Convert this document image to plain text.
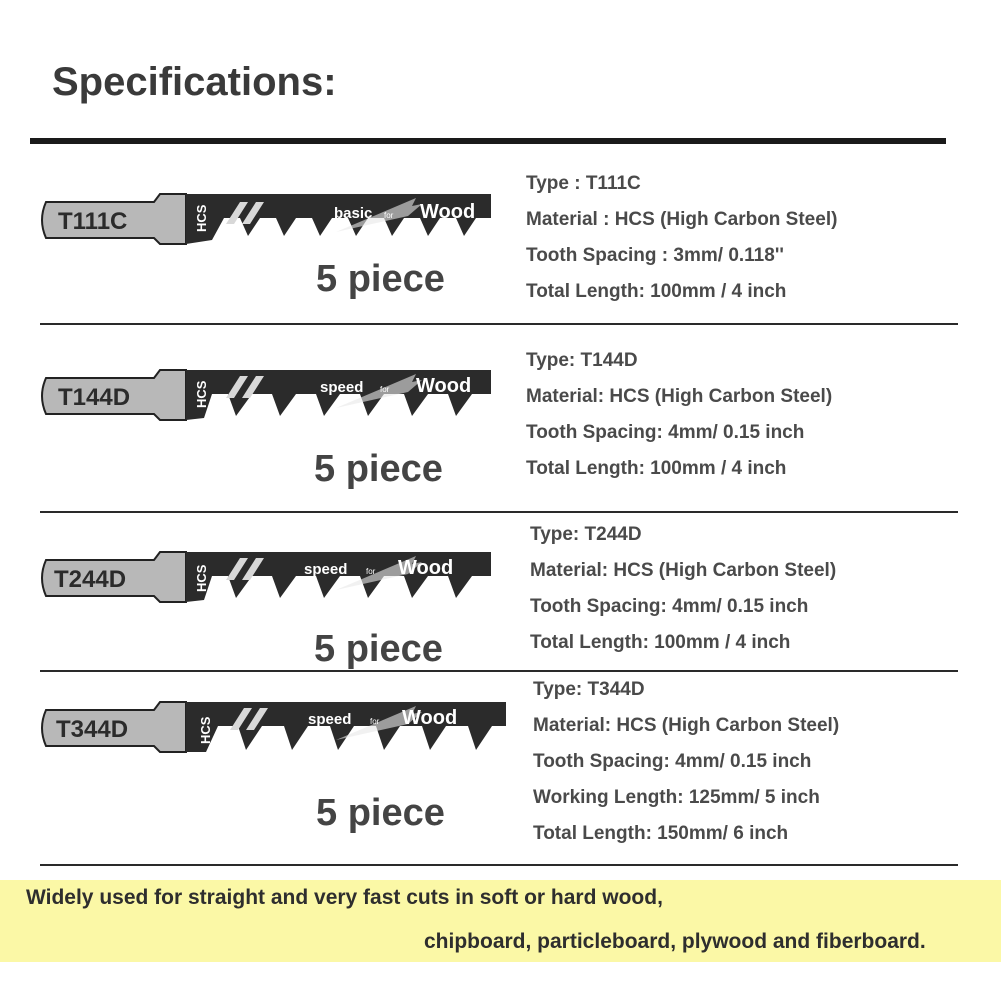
Specifications:
T111C	HCS	basic for Wood
5 piece
Type : T111C
Material : HCS (High Carbon Steel)
Tooth Spacing : 3mm/ 0.118''
Total Length: 100mm / 4 inch
T144D	HCS	speed for Wood
5 piece
Type: T144D
Material: HCS (High Carbon Steel)
Tooth Spacing: 4mm/ 0.15 inch
Total Length: 100mm / 4 inch
T244D	HCS	speed for Wood
5 piece
Type: T244D
Material: HCS (High Carbon Steel)
Tooth Spacing: 4mm/ 0.15 inch
Total Length: 100mm / 4 inch
T344D	HCS	speed for Wood
5 piece
Type: T344D
Material: HCS (High Carbon Steel)
Tooth Spacing: 4mm/ 0.15 inch
Working Length: 125mm/ 5 inch
Total Length: 150mm/ 6 inch
Widely used for straight and very fast cuts in soft or hard wood,
chipboard, particleboard, plywood and fiberboard.
